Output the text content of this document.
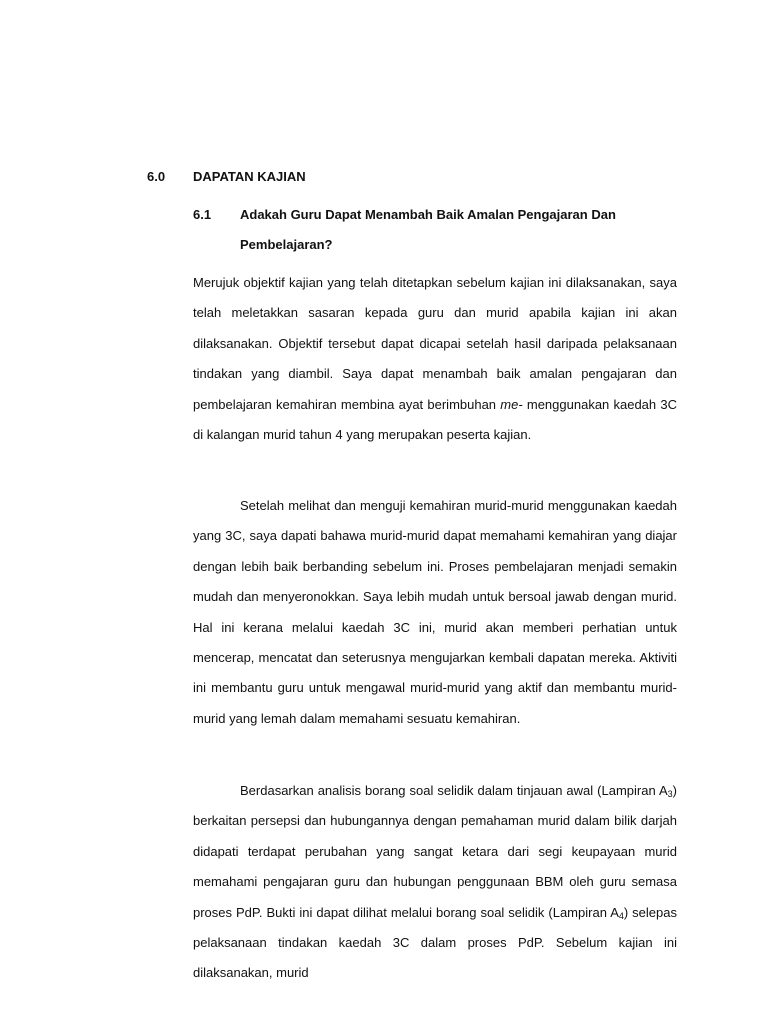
6.0 DAPATAN KAJIAN
6.1 Adakah Guru Dapat Menambah Baik Amalan Pengajaran Dan Pembelajaran?

Merujuk objektif kajian yang telah ditetapkan sebelum kajian ini dilaksanakan, saya telah meletakkan sasaran kepada guru dan murid apabila kajian ini akan dilaksanakan. Objektif tersebut dapat dicapai setelah hasil daripada pelaksanaan tindakan yang diambil. Saya dapat menambah baik amalan pengajaran dan pembelajaran kemahiran membina ayat berimbuhan me- menggunakan kaedah 3C di kalangan murid tahun 4 yang merupakan peserta kajian.

Setelah melihat dan menguji kemahiran murid-murid menggunakan kaedah yang 3C, saya dapati bahawa murid-murid dapat memahami kemahiran yang diajar dengan lebih baik berbanding sebelum ini. Proses pembelajaran menjadi semakin mudah dan menyeronokkan. Saya lebih mudah untuk bersoal jawab dengan murid. Hal ini kerana melalui kaedah 3C ini, murid akan memberi perhatian untuk mencerap, mencatat dan seterusnya mengujarkan kembali dapatan mereka. Aktiviti ini membantu guru untuk mengawal murid-murid yang aktif dan membantu murid-murid yang lemah dalam memahami sesuatu kemahiran.

Berdasarkan analisis borang soal selidik dalam tinjauan awal (Lampiran $A_3$) berkaitan persepsi dan hubungannya dengan pemahaman murid dalam bilik darjah didapati terdapat perubahan yang sangat ketara dari segi keupayaan murid memahami pengajaran guru dan hubungan penggunaan BBM oleh guru semasa proses PdP. Bukti ini dapat dilihat melalui borang soal selidik (Lampiran $A_4$) selepas pelaksanaan tindakan kaedah 3C dalam proses PdP. Sebelum kajian ini dilaksanakan, murid
